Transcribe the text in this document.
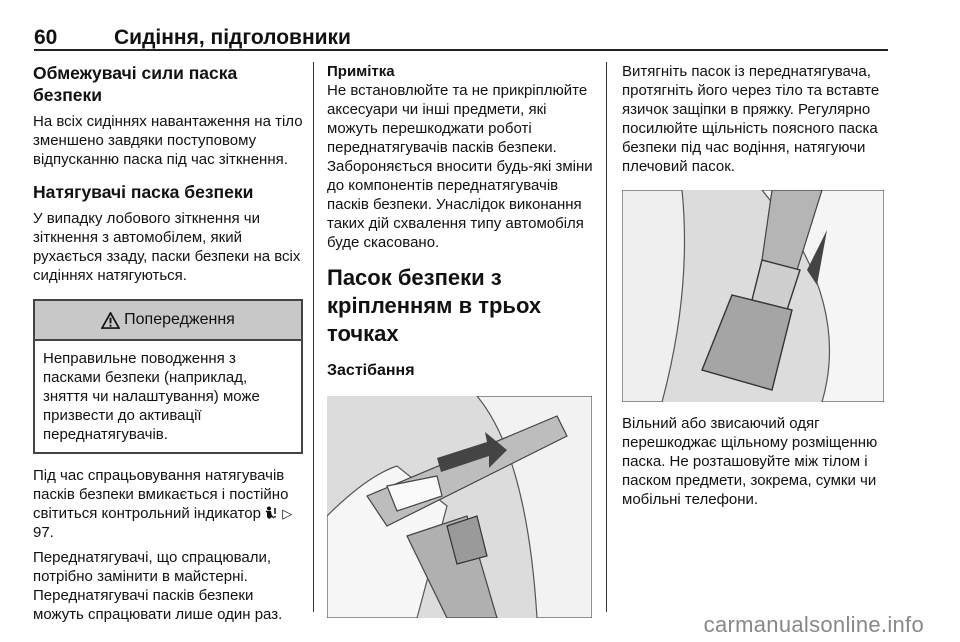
60	Сидіння, підголовники
Обмежувачі сили паска безпеки

На всіх сидіннях навантаження на тіло зменшено завдяки поступовому відпусканню паска під час зіткнення.

Натягувачі паска безпеки

У випадку лобового зіткнення чи зіткнення з автомобілем, який рухається ззаду, паски безпеки на всіх сидіннях натягуються.

Попередження

Неправильне поводження з пасками безпеки (наприклад, зняття чи налаштування) може призвести до активації переднатягувачів.

Під час спрацьовування натягувачів пасків безпеки вмикається і постійно світиться контрольний індикатор ▷ 97.

Переднатягувачі, що спрацювали, потрібно замінити в майстерні. Переднатягувачі пасків безпеки можуть спрацювати лише один раз.

Примітка

Не встановлюйте та не прикріплюйте аксесуари чи інші предмети, які можуть перешкоджати роботі переднатягувачів пасків безпеки. Забороняється вносити будь-які зміни до компонентів переднатягувачів пасків безпеки. Унаслідок виконання таких дій схвалення типу автомобіля буде скасовано.

Пасок безпеки з кріпленням в трьох точках
Застібання

Витягніть пасок із переднатягувача, протягніть його через тіло та вставте язичок защіпки в пряжку. Регулярно посилюйте щільність поясного паска безпеки під час водіння, натягуючи плечовий пасок.

Вільний або звисаючий одяг перешкоджає щільному розміщенню паска. Не розташовуйте між тілом і паском предмети, зокрема, сумки чи мобільні телефони.

carmanualsonline.info
